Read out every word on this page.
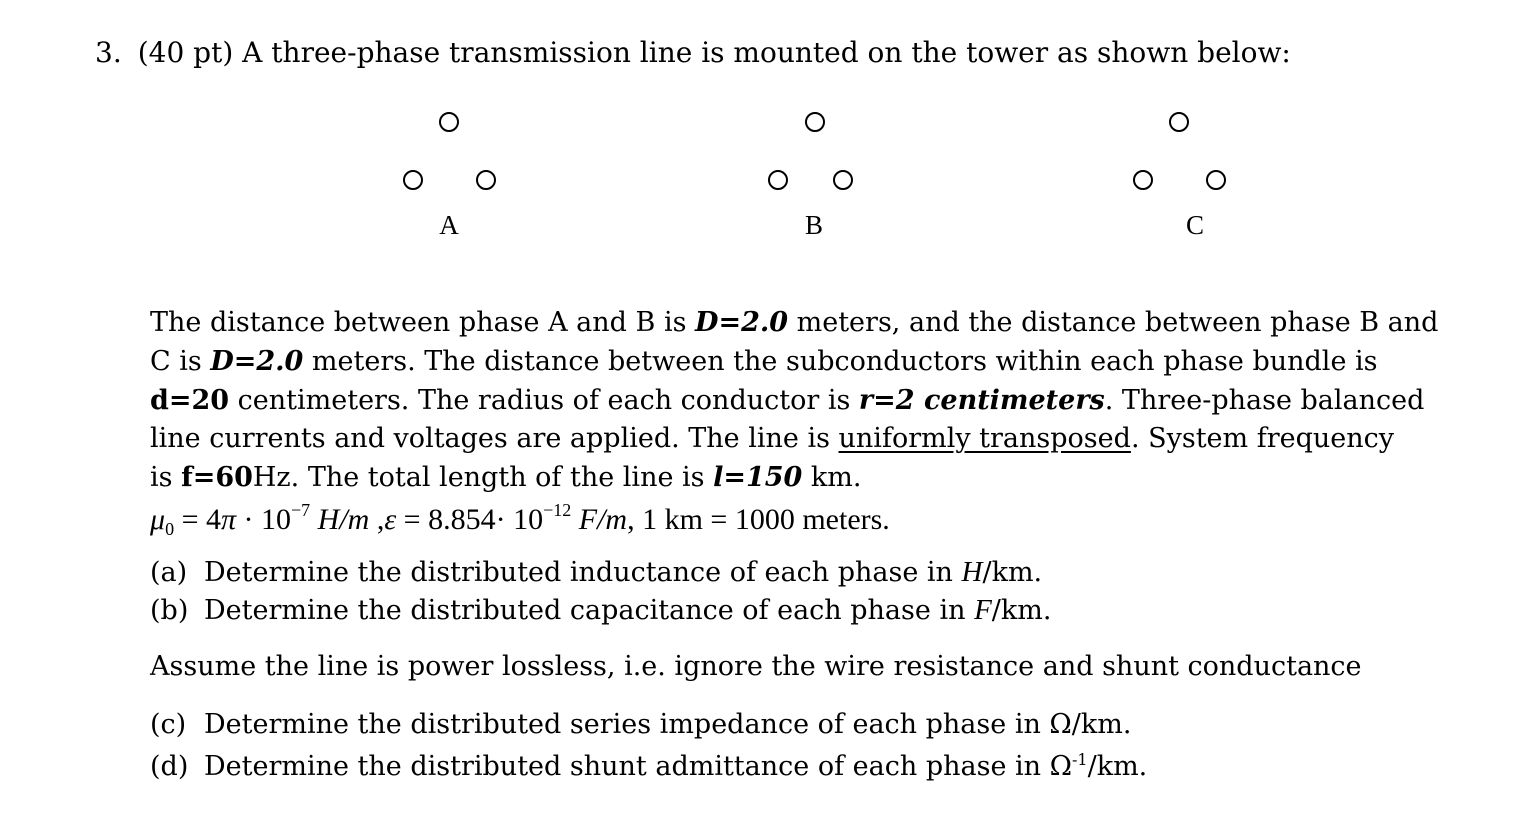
3. (40 pt) A three-phase transmission line is mounted on the tower as shown below:
A	B	C
The distance between phase A and B is D=2.0 meters, and the distance between phase B and
C is D=2.0 meters. The distance between the subconductors within each phase bundle is
d=20 centimeters. The radius of each conductor is r=2 centimeters. Three-phase balanced
line currents and voltages are applied. The line is uniformly transposed. System frequency
is f=60Hz. The total length of the line is l=150 km.
$\mu_0 = 4\pi \cdot 10^{-7}$ H/m $,\varepsilon = 8.854\cdot 10^{-12}$ F/m, 1 km = 1000 meters.
(a) Determine the distributed inductance of each phase in H/km.
(b) Determine the distributed capacitance of each phase in F/km.
Assume the line is power lossless, i.e. ignore the wire resistance and shunt conductance
(c) Determine the distributed series impedance of each phase in Ω/km.
(d) Determine the distributed shunt admittance of each phase in $\Omega^{-1}/km$.
